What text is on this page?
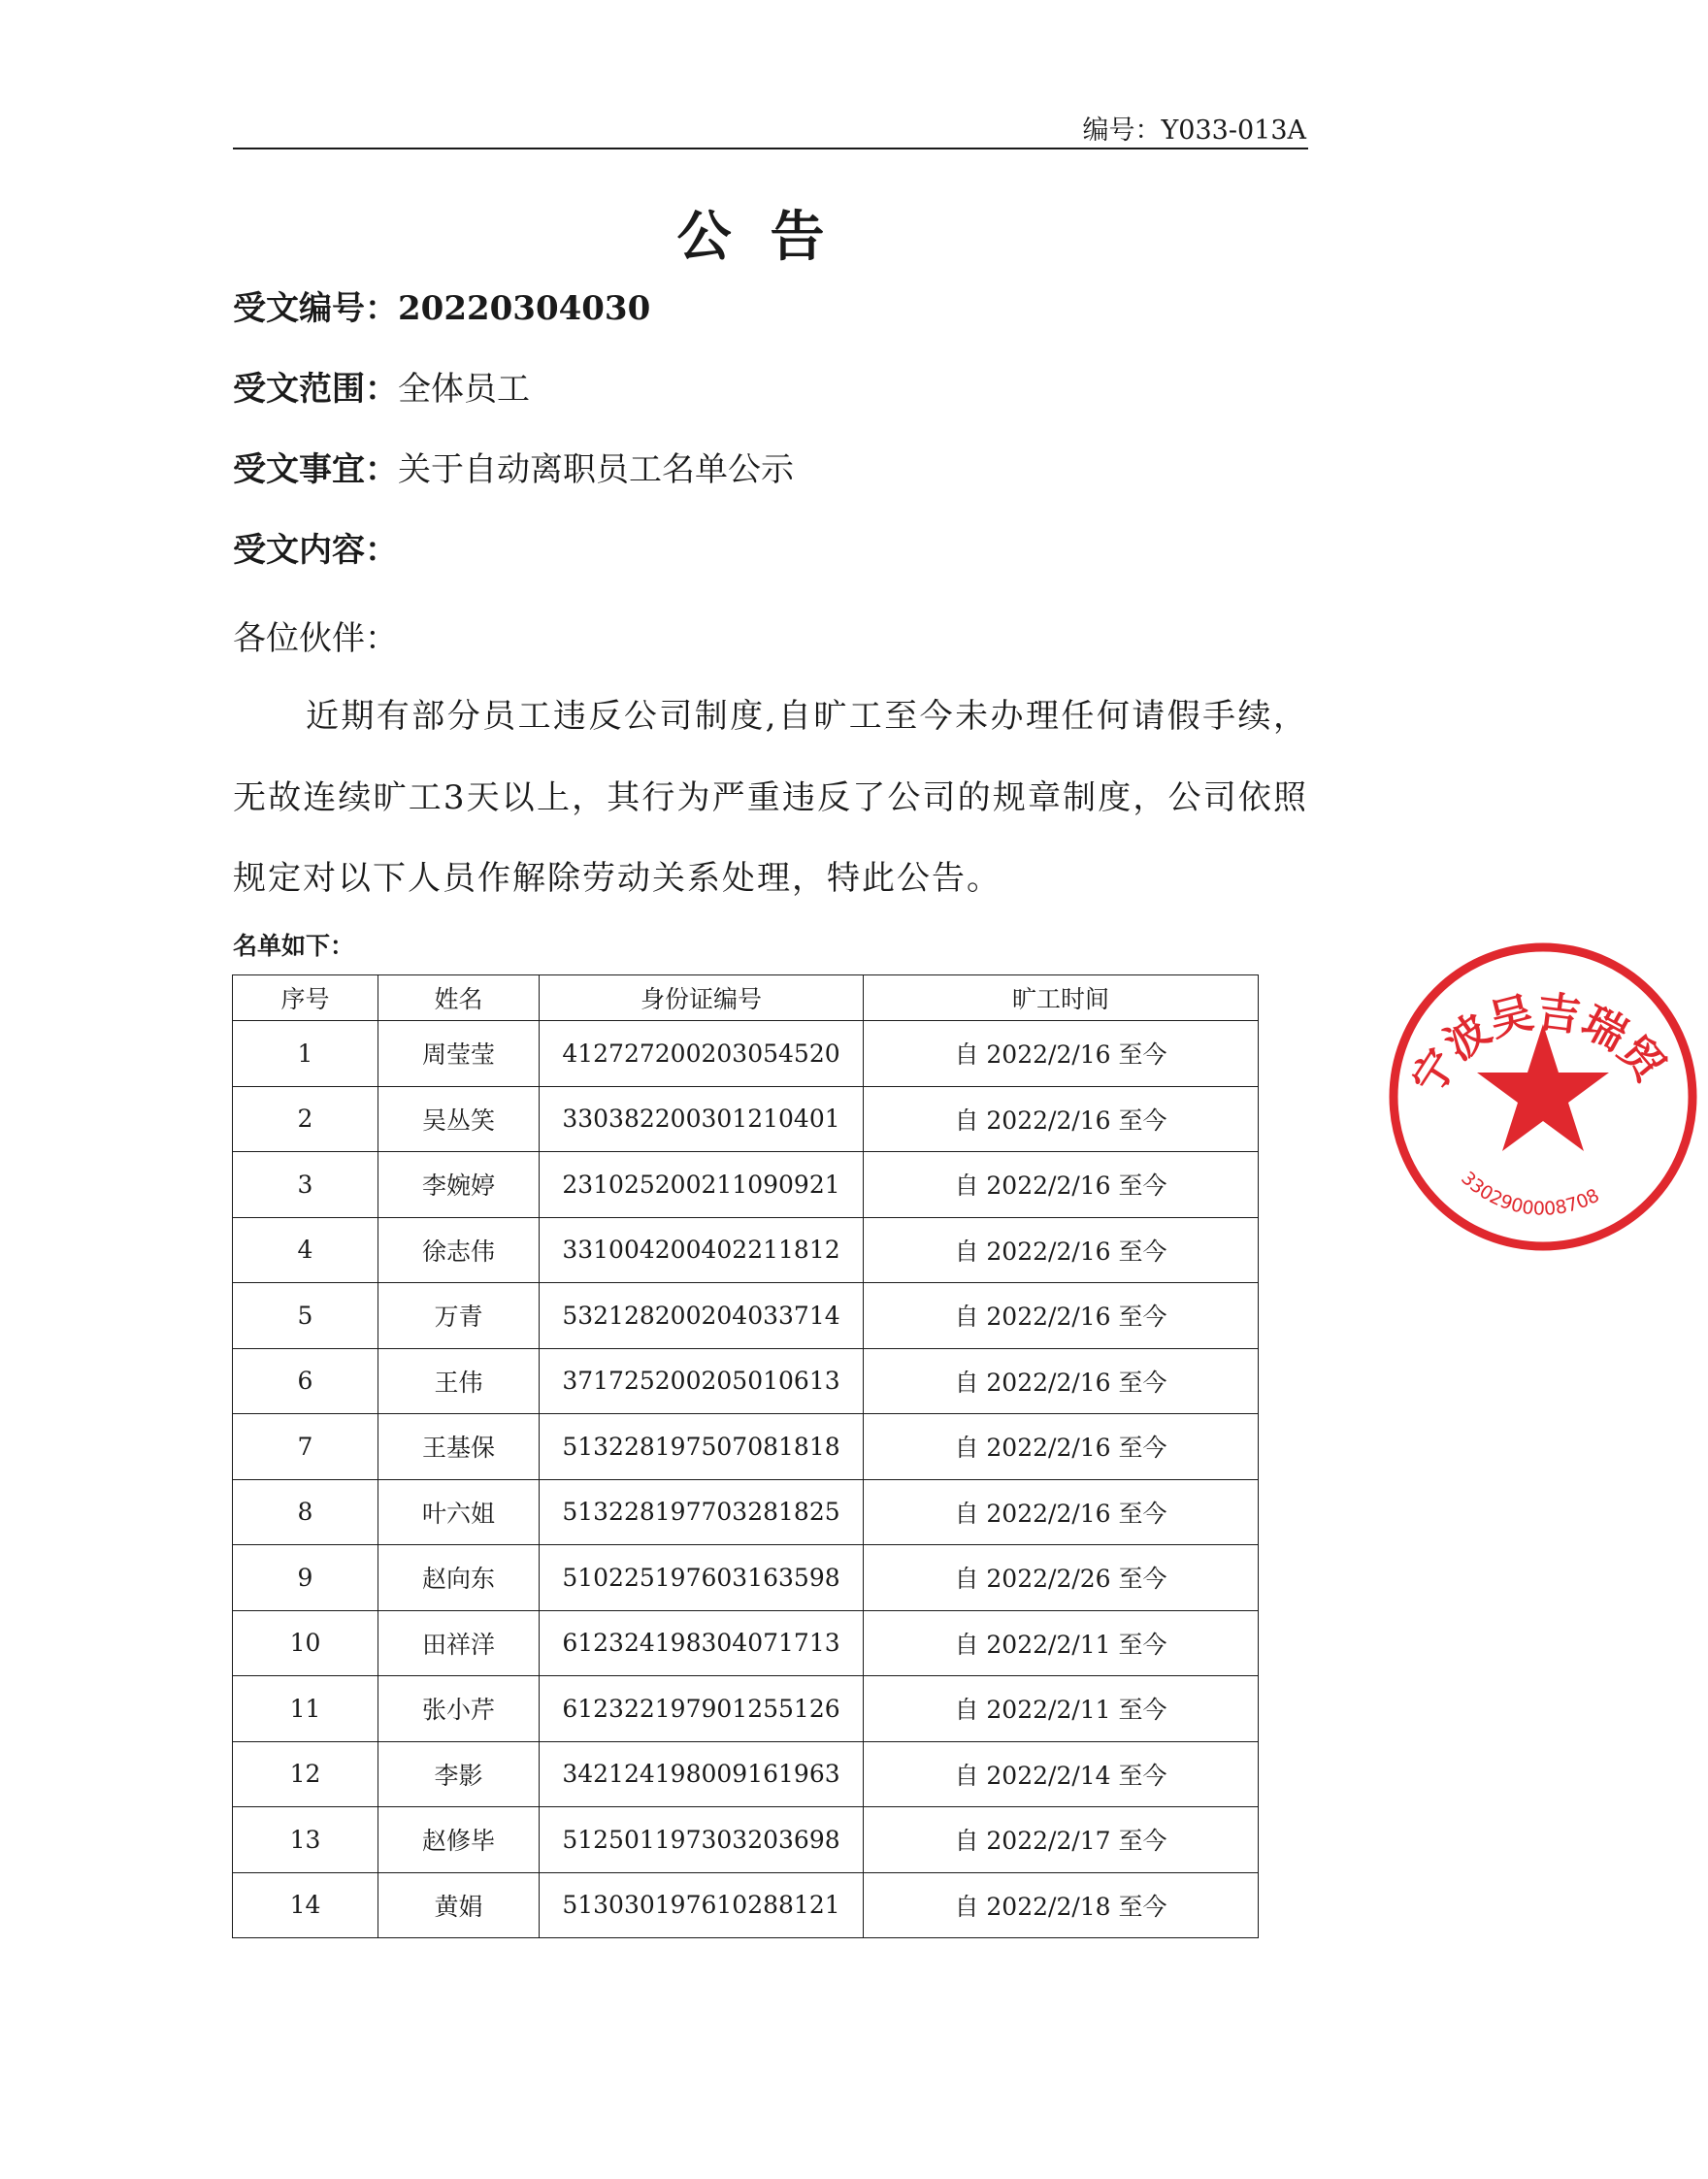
编号：Y033-013A
公告
受文编号：20220304030
受文范围：全体员工
受文事宜：关于自动离职员工名单公示
受文内容：
各位伙伴：
近期有部分员工违反公司制度,自旷工至今未办理任何请假手续，无故连续旷工3天以上，其行为严重违反了公司的规章制度，公司依照规定对以下人员作解除劳动关系处理，特此公告。
名单如下：
序号	姓名	身份证编号	旷工时间
1	周莹莹	412727200203054520	自 2022/2/16 至今
2	吴丛笑	330382200301210401	自 2022/2/16 至今
3	李婉婷	231025200211090921	自 2022/2/16 至今
4	徐志伟	331004200402211812	自 2022/2/16 至今
5	万青	532128200204033714	自 2022/2/16 至今
6	王伟	371725200205010613	自 2022/2/16 至今
7	王基保	513228197507081818	自 2022/2/16 至今
8	叶六姐	513228197703281825	自 2022/2/16 至今
9	赵向东	510225197603163598	自 2022/2/26 至今
10	田祥洋	612324198304071713	自 2022/2/11 至今
11	张小芹	612322197901255126	自 2022/2/11 至今
12	李影	342124198009161963	自 2022/2/14 至今
13	赵修毕	512501197303203698	自 2022/2/17 至今
14	黄娟	513030197610288121	自 2022/2/18 至今
宁波吴吉瑞贸
3302900008708
